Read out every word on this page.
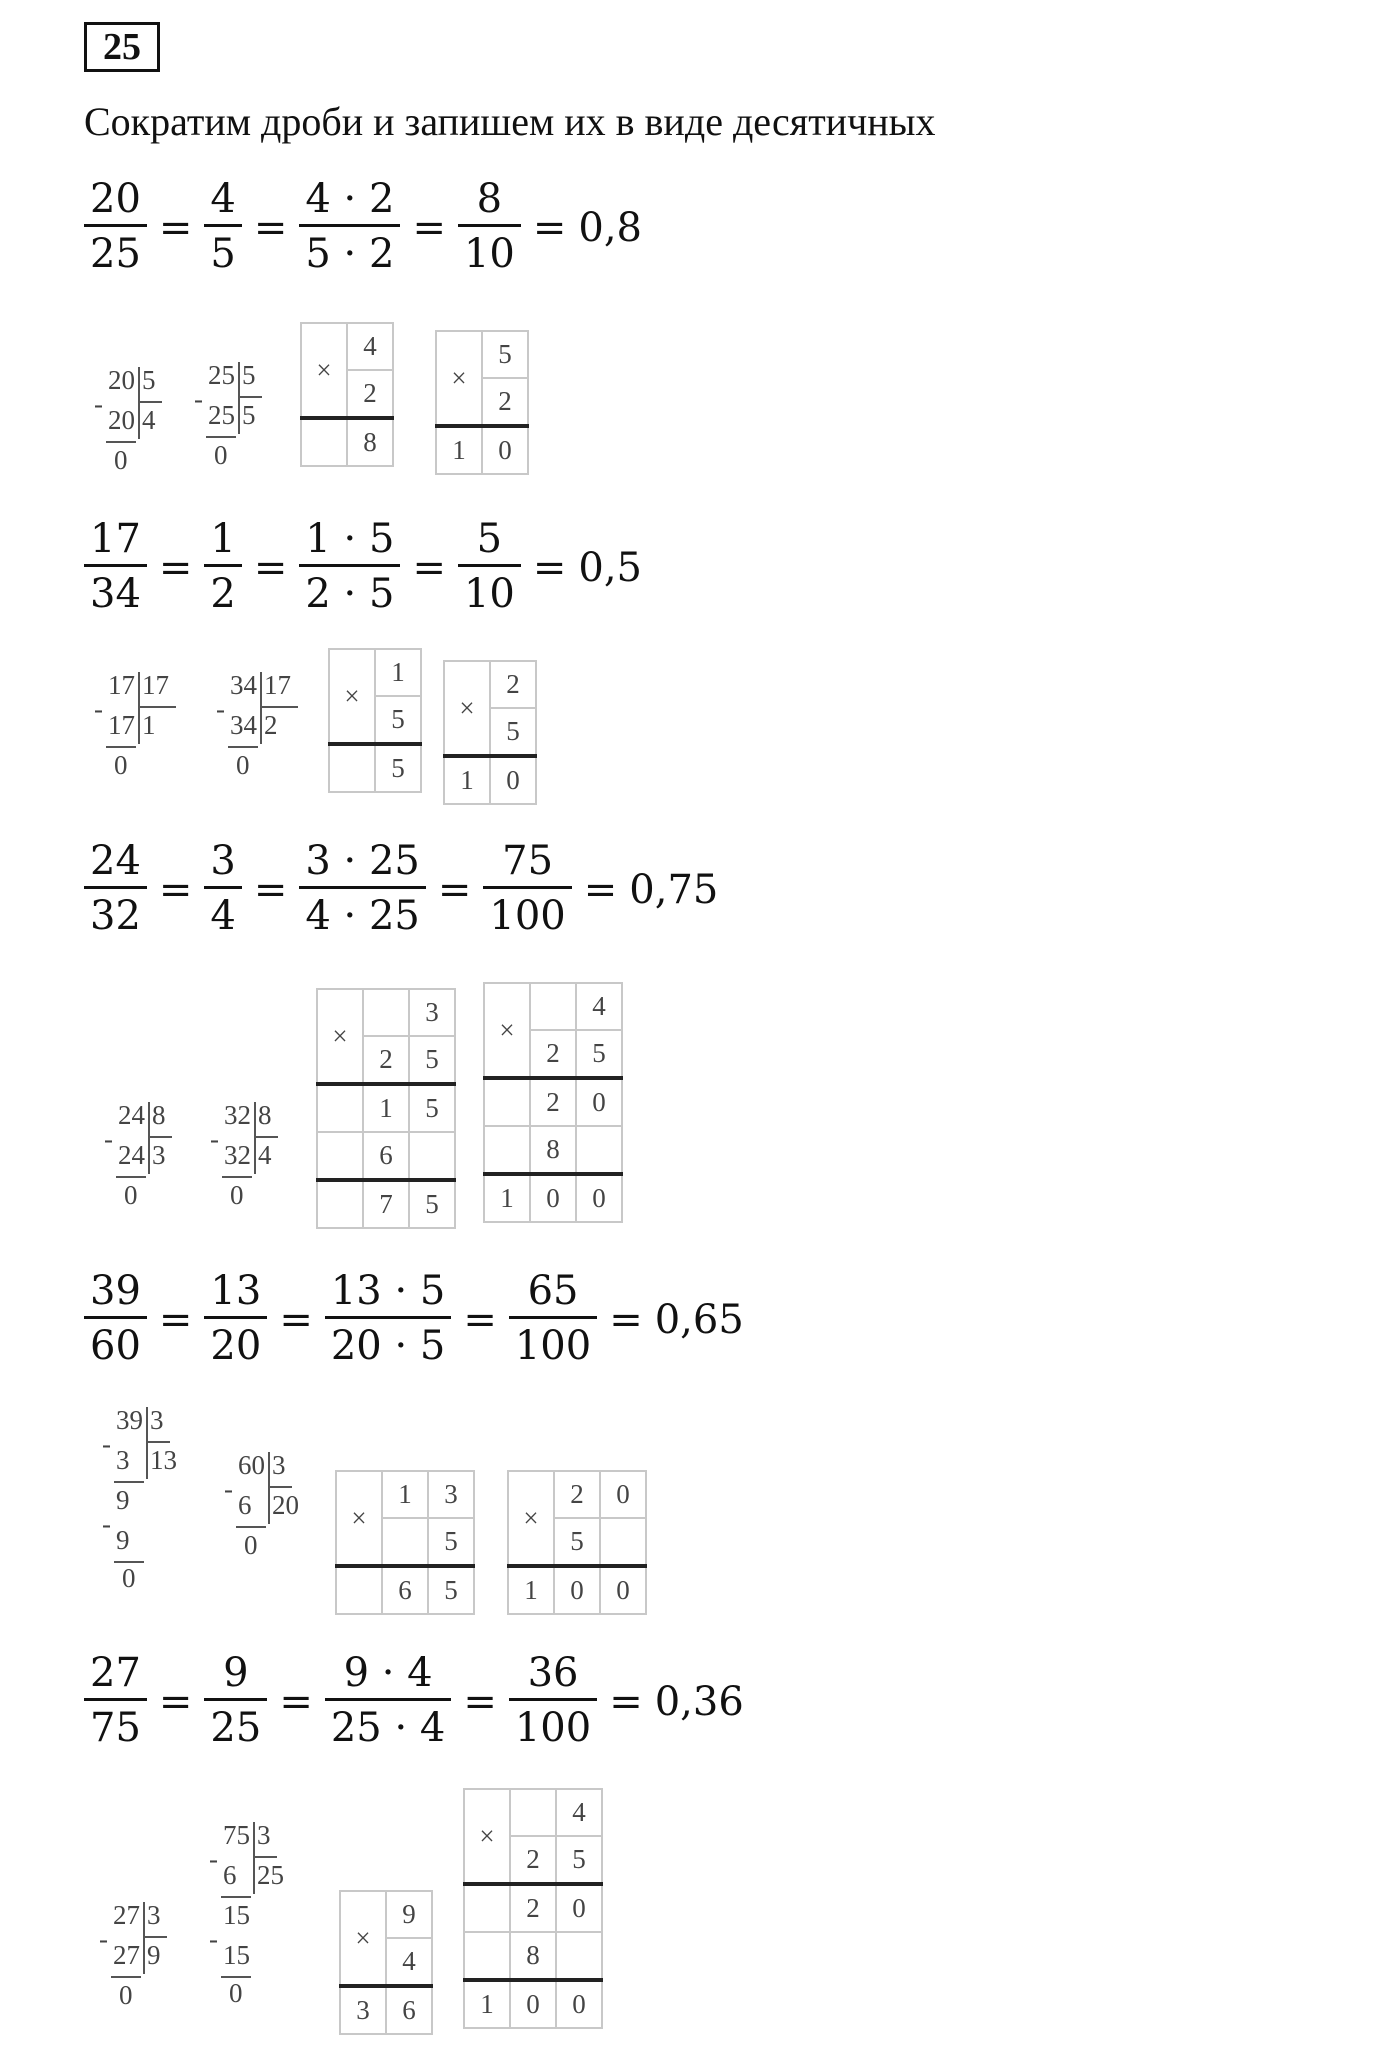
25
Сократим дроби и запишем их в виде десятичных
$\frac{20}{25} = \frac{4}{5} = \frac{4 \cdot 2}{5 \cdot 2} = \frac{8}{10} = 0,8$
$\frac{17}{34} = \frac{1}{2} = \frac{1 \cdot 5}{2 \cdot 5} = \frac{5}{10} = 0,5$
$\frac{24}{32} = \frac{3}{4} = \frac{3 \cdot 25}{4 \cdot 25} = \frac{75}{100} = 0,75$
$\frac{39}{60} = \frac{13}{20} = \frac{13 \cdot 5}{20 \cdot 5} = \frac{65}{100} = 0,65$
$\frac{27}{75} = \frac{9}{25} = \frac{9 \cdot 4}{25 \cdot 4} = \frac{36}{100} = 0,36$
20 5
-
20 4
0
25 5
-
25 5
0
17 17
-
17 1
0
34 17
-
34 2
0
24 8
-
24 3
0
32 8
-
32 4
0
39 3
-
3 13
9
-
9
0
60 3
-
6 20
0
27 3
-
27 9
0
75 3
-
6 25
15
-
15
0
×	4
	2
	8
×	5
	2
1	0
×	1
	5
	5
×	2
	5
1	0
×		3
	2	5
	1	5
	6	
	7	5
×		4
	2	5
	2	0
	8	
1	0	0
×	1	3
		5
	6	5
×	2	0
	5	
1	0	0
×	9
	4
3	6
×		4
	2	5
	2	0
	8	
1	0	0
